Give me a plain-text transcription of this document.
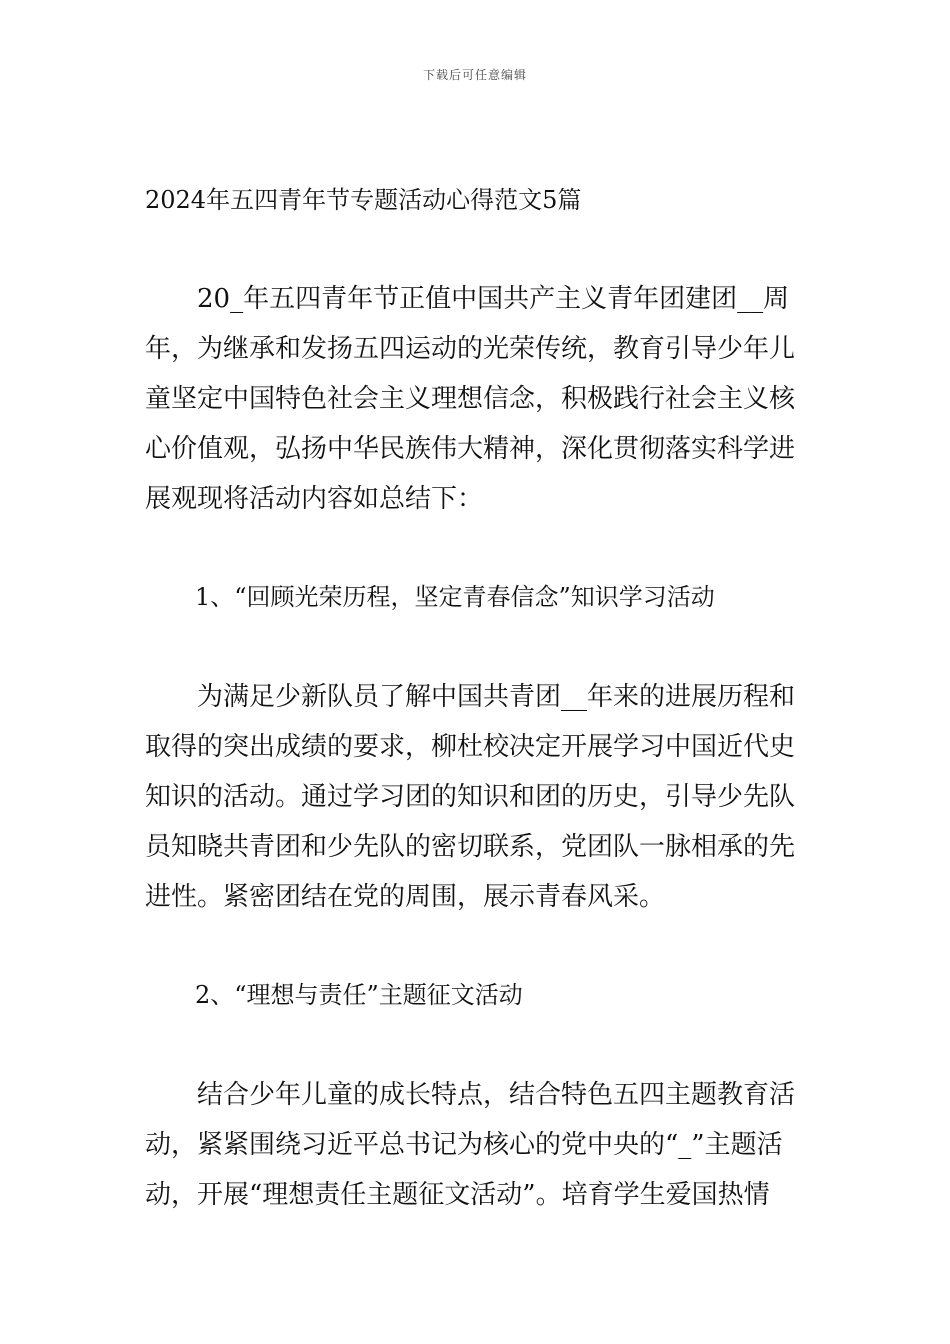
下载后可任意编辑
2024年五四青年节专题活动心得范文5篇

20_年五四青年节正值中国共产主义青年团建团__周年，为继承和发扬五四运动的光荣传统，教育引导少年儿童坚定中国特色社会主义理想信念，积极践行社会主义核心价值观，弘扬中华民族伟大精神，深化贯彻落实科学进展观现将活动内容如总结下：

1、“回顾光荣历程，坚定青春信念”知识学习活动

为满足少新队员了解中国共青团__年来的进展历程和取得的突出成绩的要求，柳杜校决定开展学习中国近代史知识的活动。通过学习团的知识和团的历史，引导少先队员知晓共青团和少先队的密切联系，党团队一脉相承的先进性。紧密团结在党的周围，展示青春风采。

2、“理想与责任”主题征文活动

结合少年儿童的成长特点，结合特色五四主题教育活动，紧紧围绕习近平总书记为核心的党中央的“_”主题活动，开展“理想责任主题征文活动”。培育学生爱国热情
